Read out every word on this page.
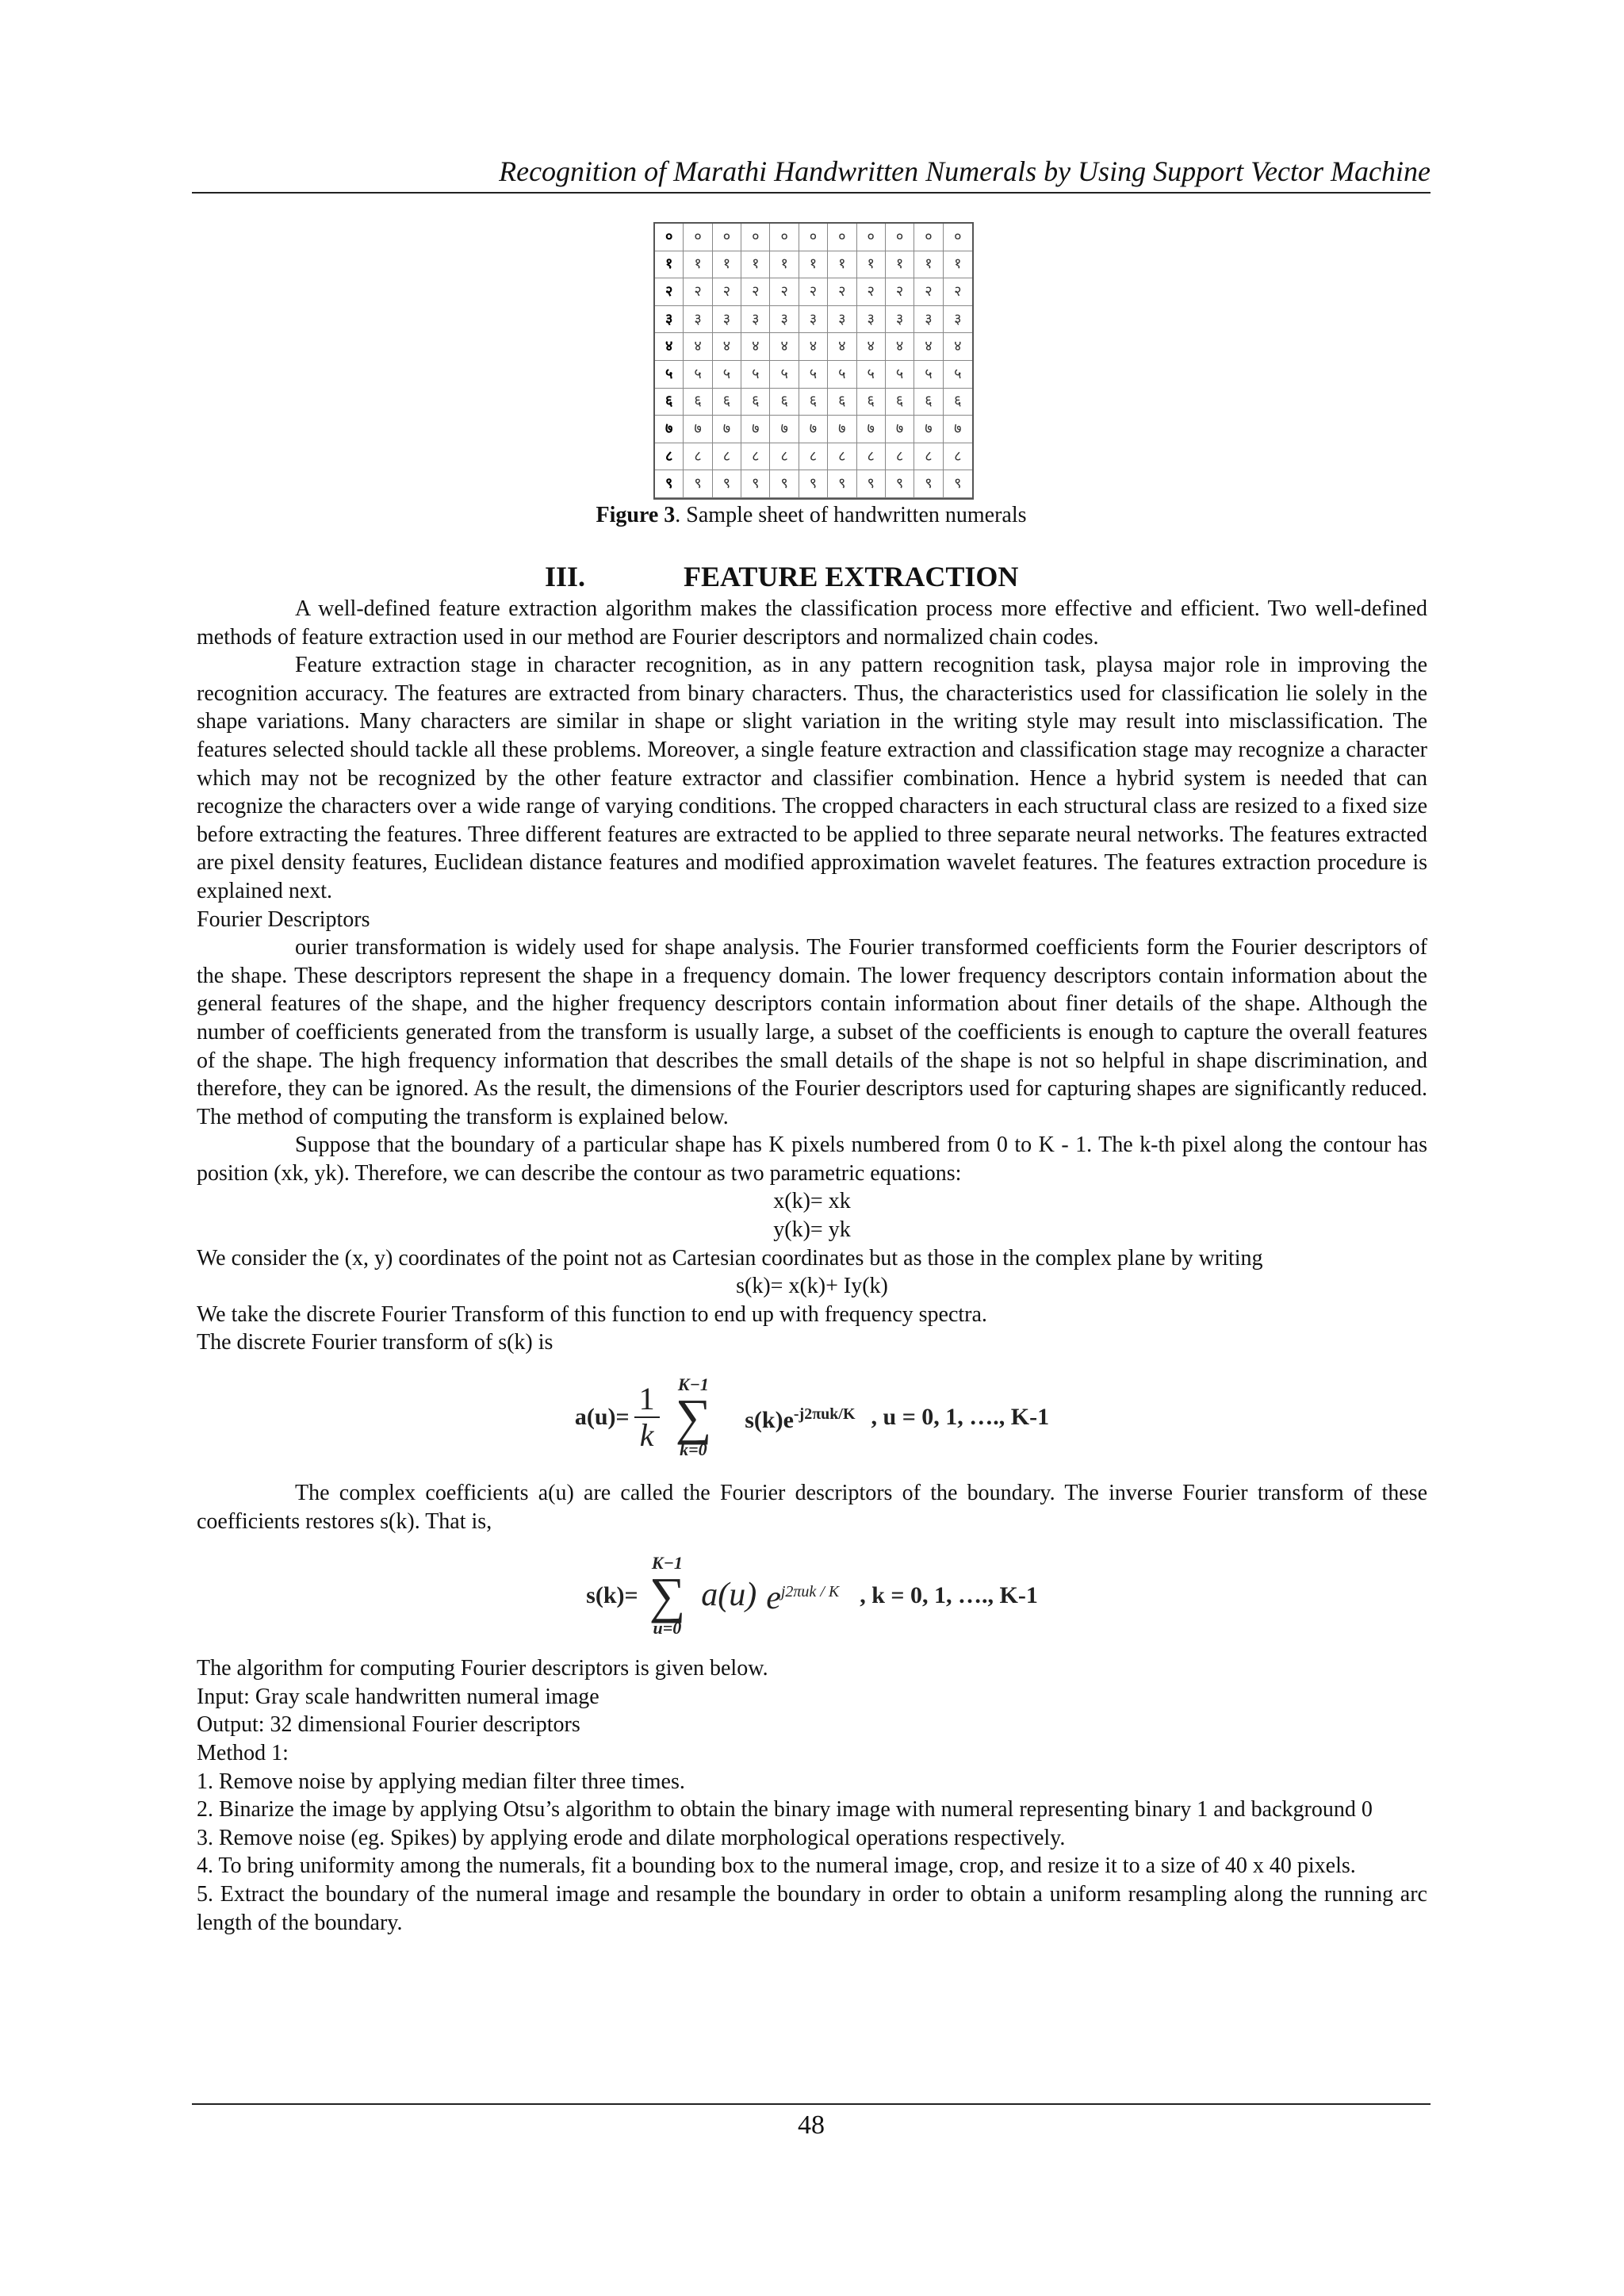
Recognition of Marathi Handwritten Numerals by Using Support Vector Machine
०	०	०	०	०	०	०	०	०	०	०
१	१	१	१	१	१	१	१	१	१	१
२	२	२	२	२	२	२	२	२	२	२
३	३	३	३	३	३	३	३	३	३	३
४	४	४	४	४	४	४	४	४	४	४
५	५	५	५	५	५	५	५	५	५	५
६	६	६	६	६	६	६	६	६	६	६
७	७	७	७	७	७	७	७	७	७	७
८	८	८	८	८	८	८	८	८	८	८
९	९	९	९	९	९	९	९	९	९	९
Figure 3. Sample sheet of handwritten numerals
III.	FEATURE EXTRACTION

A well-defined feature extraction algorithm makes the classification process more effective and efficient. Two well-defined methods of feature extraction used in our method are Fourier descriptors and normalized chain codes.

Feature extraction stage in character recognition, as in any pattern recognition task, playsa major role in improving the recognition accuracy. The features are extracted from binary characters. Thus, the characteristics used for classification lie solely in the shape variations. Many characters are similar in shape or slight variation in the writing style may result into misclassification. The features selected should tackle all these problems. Moreover, a single feature extraction and classification stage may recognize a character which may not be recognized by the other feature extractor and classifier combination. Hence a hybrid system is needed that can recognize the characters over a wide range of varying conditions. The cropped characters in each structural class are resized to a fixed size before extracting the features. Three different features are extracted to be applied to three separate neural networks. The features extracted are pixel density features, Euclidean distance features and modified approximation wavelet features. The features extraction procedure is explained next.

Fourier Descriptors

ourier transformation is widely used for shape analysis. The Fourier transformed coefficients form the Fourier descriptors of the shape. These descriptors represent the shape in a frequency domain. The lower frequency descriptors contain information about the general features of the shape, and the higher frequency descriptors contain information about finer details of the shape. Although the number of coefficients generated from the transform is usually large, a subset of the coefficients is enough to capture the overall features of the shape. The high frequency information that describes the small details of the shape is not so helpful in shape discrimination, and therefore, they can be ignored. As the result, the dimensions of the Fourier descriptors used for capturing shapes are significantly reduced. The method of computing the transform is explained below.

Suppose that the boundary of a particular shape has K pixels numbered from 0 to K - 1. The k-th pixel along the contour has position (xk, yk). Therefore, we can describe the contour as two parametric equations:

x(k)= xk

y(k)= yk

We consider the (x, y) coordinates of the point not as Cartesian coordinates but as those in the complex plane by writing

s(k)= x(k)+ Iy(k)

We take the discrete Fourier Transform of this function to end up with frequency spectra.

The discrete Fourier transform of s(k) is

$a(u)= \frac{1}{k} K-1$
∑
k=0
$s(k)e^{-j2\pi uk/K}$ , u = 0, 1, …., K-1

The complex coefficients a(u) are called the Fourier descriptors of the boundary. The inverse Fourier transform of these coefficients restores s(k). That is,

s(k)=
K−1
∑
u=0
a(u) $e^{j2\pi uk / K}$ , k = 0, 1, …., K-1

The algorithm for computing Fourier descriptors is given below.

Input: Gray scale handwritten numeral image

Output: 32 dimensional Fourier descriptors

Method 1:

1. Remove noise by applying median filter three times.

2. Binarize the image by applying Otsu’s algorithm to obtain the binary image with numeral representing binary 1 and background 0

3. Remove noise (eg. Spikes) by applying erode and dilate morphological operations respectively.

4. To bring uniformity among the numerals, fit a bounding box to the numeral image, crop, and resize it to a size of 40 x 40 pixels.

5. Extract the boundary of the numeral image and resample the boundary in order to obtain a uniform resampling along the running arc length of the boundary.

48
